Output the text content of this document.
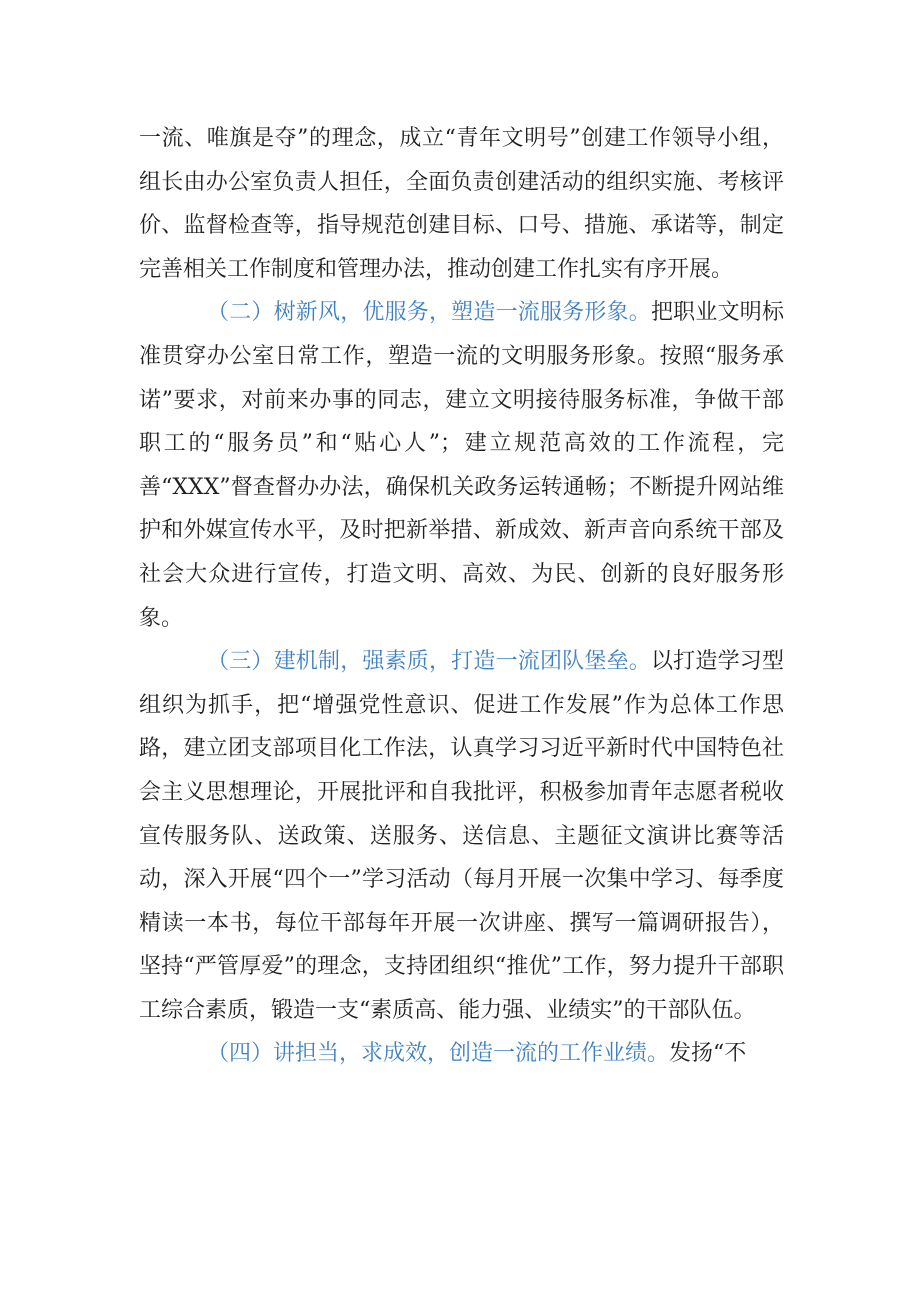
一流、唯旗是夺”的理念，成立“青年文明号”创建工作领导小组，组长由办公室负责人担任，全面负责创建活动的组织实施、考核评价、监督检查等，指导规范创建目标、口号、措施、承诺等，制定完善相关工作制度和管理办法，推动创建工作扎实有序开展。

（二）树新风，优服务，塑造一流服务形象。把职业文明标准贯穿办公室日常工作，塑造一流的文明服务形象。按照“服务承诺”要求，对前来办事的同志，建立文明接待服务标准，争做干部职工的“服务员”和“贴心人”；建立规范高效的工作流程，完善“XXX”督查督办办法，确保机关政务运转通畅；不断提升网站维护和外媒宣传水平，及时把新举措、新成效、新声音向系统干部及社会大众进行宣传，打造文明、高效、为民、创新的良好服务形象。

（三）建机制，强素质，打造一流团队堡垒。以打造学习型组织为抓手，把“增强党性意识、促进工作发展”作为总体工作思路，建立团支部项目化工作法，认真学习习近平新时代中国特色社会主义思想理论，开展批评和自我批评，积极参加青年志愿者税收宣传服务队、送政策、送服务、送信息、主题征文演讲比赛等活动，深入开展“四个一”学习活动（每月开展一次集中学习、每季度精读一本书，每位干部每年开展一次讲座、撰写一篇调研报告），坚持“严管厚爱”的理念，支持团组织“推优”工作，努力提升干部职工综合素质，锻造一支“素质高、能力强、业绩实”的干部队伍。

（四）讲担当，求成效，创造一流的工作业绩。发扬“不
